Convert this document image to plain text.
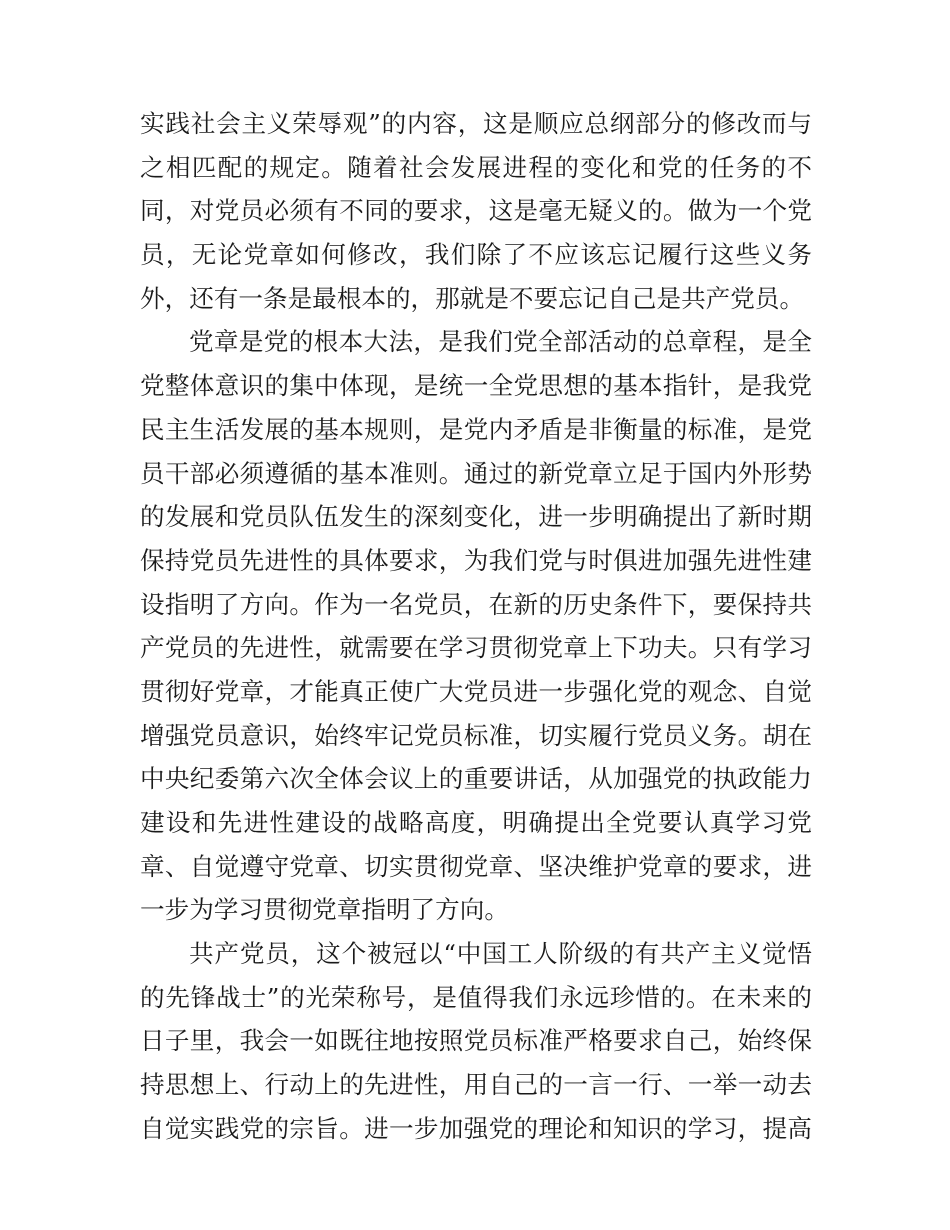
实践社会主义荣辱观”的内容，这是顺应总纲部分的修改而与
之相匹配的规定。随着社会发展进程的变化和党的任务的不
同，对党员必须有不同的要求，这是毫无疑义的。做为一个党
员，无论党章如何修改，我们除了不应该忘记履行这些义务
外，还有一条是最根本的，那就是不要忘记自己是共产党员。
党章是党的根本大法，是我们党全部活动的总章程，是全
党整体意识的集中体现，是统一全党思想的基本指针，是我党
民主生活发展的基本规则，是党内矛盾是非衡量的标准，是党
员干部必须遵循的基本准则。通过的新党章立足于国内外形势
的发展和党员队伍发生的深刻变化，进一步明确提出了新时期
保持党员先进性的具体要求，为我们党与时俱进加强先进性建
设指明了方向。作为一名党员，在新的历史条件下，要保持共
产党员的先进性，就需要在学习贯彻党章上下功夫。只有学习
贯彻好党章，才能真正使广大党员进一步强化党的观念、自觉
增强党员意识，始终牢记党员标准，切实履行党员义务。胡在
中央纪委第六次全体会议上的重要讲话，从加强党的执政能力
建设和先进性建设的战略高度，明确提出全党要认真学习党
章、自觉遵守党章、切实贯彻党章、坚决维护党章的要求，进
一步为学习贯彻党章指明了方向。
共产党员，这个被冠以“中国工人阶级的有共产主义觉悟
的先锋战士”的光荣称号，是值得我们永远珍惜的。在未来的
日子里，我会一如既往地按照党员标准严格要求自己，始终保
持思想上、行动上的先进性，用自己的一言一行、一举一动去
自觉实践党的宗旨。进一步加强党的理论和知识的学习，提高
